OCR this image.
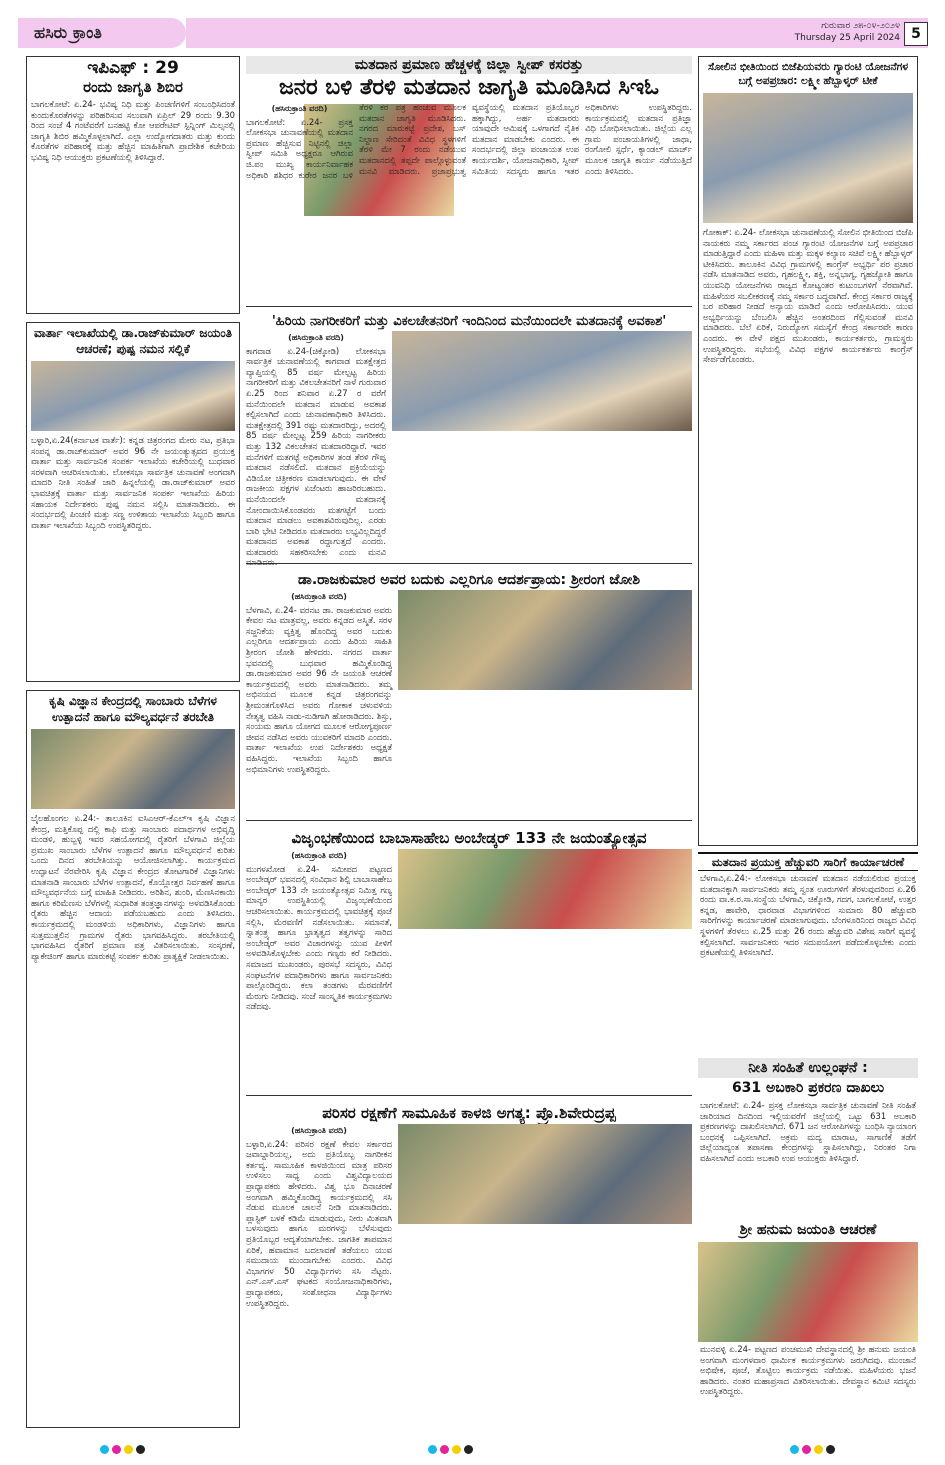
ಹಸಿರು ಕ್ರಾಂತಿ	ಗುರುವಾರ ೨೫-೦೪-೨೦೨೪
Thursday 25 April 2024 5
ಇಪಿಎಫ್ : 29
ರಂದು ಜಾಗೃತಿ ಶಿಬಿರ
ಬಾಗಲಕೋಟೆ: ಏ.24- ಭವಿಷ್ಯ ನಿಧಿ ಮತ್ತು ಪಿಂಚಣಿಗಳಿಗೆ ಸಂಬಂಧಿಸಿದಂತೆ ಕುಂದುಕೊರತೆಗಳನ್ನು ಪರಿಹರಿಸುವ ಸಲುವಾಗಿ ಏಪ್ರಿಲ್ 29 ರಂದು 9.30 ರಿಂದ ಸಂಜೆ 4 ಗಂಟೆವರೆಗೆ ಬನಹಟ್ಟಿ ಕೋ ಆಪರೇಟಿವ್ ಸ್ಪಿನ್ನಿಂಗ್ ಮಿಲ್ಸನಲ್ಲಿ ಜಾಗೃತಿ ಶಿಬಿರ ಹಮ್ಮಿಕೊಳ್ಳಲಾಗಿದೆ. ಎಲ್ಲಾ ಉದ್ಯೋಗದಾತರು ಮತ್ತು ಕುಂದು ಕೊರತೆಗಳ ಪರಿಹಾರಕ್ಕೆ ಮತ್ತು ಹೆಚ್ಚಿನ ಮಾಹಿತಿಗಾಗಿ ಪ್ರಾದೇಶಿಕ ಕಚೇರಿಯ ಭವಿಷ್ಯ ನಿಧಿ ಆಯುಕ್ತರು ಪ್ರಕಟಣೆಯಲ್ಲಿ ತಿಳಿಸಿದ್ದಾರೆ.
ವಾರ್ತಾ ಇಲಾಖೆಯಲ್ಲಿ ಡಾ.ರಾಜ್‍ಕುಮಾರ್ ಜಯಂತಿ ಆಚರಣೆ; ಪುಷ್ಪ ನಮನ ಸಲ್ಲಿಕೆ
ಬಳ್ಳಾರಿ,ಏ.24(ಕರ್ನಾಟಕ ವಾರ್ತೆ): ಕನ್ನಡ ಚಿತ್ರರಂಗದ ಮೇರು ನಟ, ಪ್ರತಿಭಾ ಸಂಪನ್ನ ಡಾ.ರಾಜ್‍ಕುಮಾರ್ ಅವರ 96 ನೇ ಜಯಂತ್ಯುತ್ಸವದ ಪ್ರಯುಕ್ತ ವಾರ್ತಾ ಮತ್ತು ಸಾರ್ವಜನಿಕ ಸಂಪರ್ಕ ಇಲಾಖೆಯ ಕಚೇರಿಯಲ್ಲಿ ಬುಧವಾರ ಸರಳವಾಗಿ ಆಚರಿಸಲಾಯಿತು. ಲೋಕಸಭಾ ಸಾರ್ವತ್ರಿಕ ಚುನಾವಣೆ ಅಂಗವಾಗಿ ಮಾದರಿ ನೀತಿ ಸಂಹಿತೆ ಜಾರಿ ಹಿನ್ನಲೆಯಲ್ಲಿ ಡಾ.ರಾಜ್‍ಕುಮಾರ್ ಅವರ ಭಾವಚಿತ್ರಕ್ಕೆ ವಾರ್ತಾ ಮತ್ತು ಸಾರ್ವಜನಿಕ ಸಂಪರ್ಕ ಇಲಾಖೆಯ ಹಿರಿಯ ಸಹಾಯಕ ನಿರ್ದೇಶಕರು ಪುಷ್ಪ ನಮನ ಸಲ್ಲಿಸಿ ಮಾತನಾಡಿದರು. ಈ ಸಂದರ್ಭದಲ್ಲಿ ಪಿಂಚಣಿ ಮತ್ತು ಸಣ್ಣ ಉಳಿತಾಯ ಇಲಾಖೆಯ ಸಿಬ್ಬಂದಿ ಹಾಗೂ ವಾರ್ತಾ ಇಲಾಖೆಯ ಸಿಬ್ಬಂದಿ ಉಪಸ್ಥಿತರಿದ್ದರು.
ಕೃಷಿ ವಿಜ್ಞಾನ ಕೇಂದ್ರದಲ್ಲಿ ಸಾಂಬಾರು ಬೆಳೆಗಳ ಉತ್ಪಾದನೆ ಹಾಗೂ ಮೌಲ್ಯವರ್ಧನೆ ತರಬೇತಿ
ಬೈಲಹೊಂಗಲ ಏ.24:- ತಾಲೂಕಿನ ಐಸಿಎಆರ್-ಕೆಎಲ್‍ಇ ಕೃಷಿ ವಿಜ್ಞಾನ ಕೇಂದ್ರ, ಮತ್ತಿಕೊಪ್ಪ ದಲ್ಲಿ ಕಾಫಿ ಮತ್ತು ಸಾಂಬಾರು ಪದಾರ್ಥಗಳ ಅಭಿವೃದ್ಧಿ ಮಂಡಳಿ, ಹುಬ್ಬಳ್ಳಿ ಇವರ ಸಹಯೋಗದಲ್ಲಿ ರೈತರಿಗೆ ಬೆಳಗಾವಿ ಜಿಲ್ಲೆಯ ಪ್ರಮುಖ ಸಾಂಬಾರು ಬೆಳೆಗಳ ಉತ್ಪಾದನೆ ಹಾಗೂ ಮೌಲ್ಯವರ್ಧನೆ ಕುರಿತು ಒಂದು ದಿನದ ತರಬೇತಿಯನ್ನು ಆಯೋಜಿಸಲಾಗಿತ್ತು. ಕಾರ್ಯಕ್ರಮದ ಉದ್ಘಾಟನೆ ನೆರವೇರಿಸಿ ಕೃಷಿ ವಿಜ್ಞಾನ ಕೇಂದ್ರದ ತೋಟಗಾರಿಕೆ ವಿಜ್ಞಾನಿಗಳು ಮಾತನಾಡಿ ಸಾಂಬಾರು ಬೆಳೆಗಳ ಉತ್ಪಾದನೆ, ಕೊಯ್ಲೋತ್ತರ ನಿರ್ವಹಣೆ ಹಾಗೂ ಮೌಲ್ಯವರ್ಧನೆಯ ಬಗ್ಗೆ ಮಾಹಿತಿ ನೀಡಿದರು. ಅರಿಶಿನ, ಶುಂಠಿ, ಮೆಣಸಿನಕಾಯಿ ಹಾಗೂ ಕರಿಮೆಣಸು ಬೆಳೆಗಳಲ್ಲಿ ಸುಧಾರಿತ ತಂತ್ರಜ್ಞಾನಗಳನ್ನು ಅಳವಡಿಸಿಕೊಂಡು ರೈತರು ಹೆಚ್ಚಿನ ಆದಾಯ ಪಡೆಯಬಹುದು ಎಂದು ತಿಳಿಸಿದರು. ಕಾರ್ಯಕ್ರಮದಲ್ಲಿ ಮಂಡಳಿಯ ಅಧಿಕಾರಿಗಳು, ವಿಜ್ಞಾನಿಗಳು ಹಾಗೂ ಸುತ್ತಮುತ್ತಲಿನ ಗ್ರಾಮಗಳ ರೈತರು ಭಾಗವಹಿಸಿದ್ದರು. ತರಬೇತಿಯಲ್ಲಿ ಭಾಗವಹಿಸಿದ ರೈತರಿಗೆ ಪ್ರಮಾಣ ಪತ್ರ ವಿತರಿಸಲಾಯಿತು. ಸಂಸ್ಕರಣೆ, ಪ್ಯಾಕೇಜಿಂಗ್ ಹಾಗೂ ಮಾರುಕಟ್ಟೆ ಸಂಪರ್ಕ ಕುರಿತು ಪ್ರಾತ್ಯಕ್ಷಿಕೆ ನೀಡಲಾಯಿತು.
ಮತದಾನ ಪ್ರಮಾಣ ಹೆಚ್ಚಳಕ್ಕೆ ಜಿಲ್ಲಾ ಸ್ವೀಪ್ ಕಸರತ್ತು
ಜನರ ಬಳಿ ತೆರಳಿ ಮತದಾನ ಜಾಗೃತಿ ಮೂಡಿಸಿದ ಸಿಇಓ
(ಹಸಿರುಕ್ರಾಂತಿ ವರದಿ)
ಬಾಗಲಕೋಟೆ: ಏ.24- ಪ್ರಸಕ್ತ ಲೋಕಸಭಾ ಚುನಾವಣೆಯಲ್ಲಿ ಮತದಾನ ಪ್ರಮಾಣ ಹೆಚ್ಚಿಸುವ ನಿಟ್ಟಿನಲ್ಲಿ ಜಿಲ್ಲಾ ಸ್ವೀಪ್ ಸಮಿತಿ ಅಧ್ಯಕ್ಷರೂ ಆಗಿರುವ ಜಿ.ಪಂ ಮುಖ್ಯ ಕಾರ್ಯನಿರ್ವಾಹಕ ಅಧಿಕಾರಿ ಶಶಿಧರ ಕುರೇರ ಜನರ ಬಳಿ ತೆರಳಿ ಕರ ಪತ್ರ ಹಂಚುವ ಮೂಲಕ ಮತದಾನ ಜಾಗೃತಿ ಮೂಡಿಸಿದರು. ನಗರದ ಮಾರುಕಟ್ಟೆ ಪ್ರದೇಶ, ಬಸ್ ನಿಲ್ದಾಣ ಸೇರಿದಂತೆ ವಿವಿಧ ಸ್ಥಳಗಳಿಗೆ ತೆರಳಿ ಮೇ 7 ರಂದು ನಡೆಯುವ ಮತದಾನದಲ್ಲಿ ತಪ್ಪದೇ ಪಾಲ್ಗೊಳ್ಳುವಂತೆ ಮನವಿ ಮಾಡಿದರು. ಪ್ರಜಾಪ್ರಭುತ್ವ ವ್ಯವಸ್ಥೆಯಲ್ಲಿ ಮತದಾನ ಪ್ರತಿಯೊಬ್ಬರ ಹಕ್ಕಾಗಿದ್ದು, ಅರ್ಹ ಮತದಾರರು ಯಾವುದೇ ಆಮಿಷಕ್ಕೆ ಒಳಗಾಗದೆ ನೈತಿಕ ಮತದಾನ ಮಾಡಬೇಕು ಎಂದರು. ಈ ಸಂದರ್ಭದಲ್ಲಿ ಜಿಲ್ಲಾ ಪಂಚಾಯತ ಉಪ ಕಾರ್ಯದರ್ಶಿ, ಯೋಜನಾಧಿಕಾರಿ, ಸ್ವೀಪ್ ಸಮಿತಿಯ ಸದಸ್ಯರು ಹಾಗೂ ಇತರ ಅಧಿಕಾರಿಗಳು ಉಪಸ್ಥಿತರಿದ್ದರು. ಕಾರ್ಯಕ್ರಮದಲ್ಲಿ ಮತದಾನ ಪ್ರತಿಜ್ಞಾ ವಿಧಿ ಬೋಧಿಸಲಾಯಿತು. ಜಿಲ್ಲೆಯ ಎಲ್ಲ ಗ್ರಾಮ ಪಂಚಾಯತಿಗಳಲ್ಲಿ ಜಾಥಾ, ರಂಗೋಲಿ ಸ್ಪರ್ಧೆ, ಕ್ಯಾಂಡಲ್ ಮಾರ್ಚ್ ಮೂಲಕ ಜಾಗೃತಿ ಕಾರ್ಯ ನಡೆಯುತ್ತಿದೆ ಎಂದು ತಿಳಿಸಿದರು.
'ಹಿರಿಯ ನಾಗರೀಕರಿಗೆ ಮತ್ತು ವಿಕಲಚೇತನರಿಗೆ ಇಂದಿನಿಂದ ಮನೆಯಿಂದಲೇ ಮತದಾನಕ್ಕೆ ಅವಕಾಶ'
(ಹಸಿರುಕ್ರಾಂತಿ ವರದಿ)
ಕಾಗವಾಡ ಏ.24-(ಚಿಕ್ಕೋಡಿ) ಲೋಕಸಭಾ ಸಾರ್ವತ್ರಿಕ ಚುನಾವಣೆಯಲ್ಲಿ ಕಾಗವಾಡ ಮತಕ್ಷೇತ್ರದ ವ್ಯಾಪ್ತಿಯಲ್ಲಿ 85 ವರ್ಷ ಮೇಲ್ಪಟ್ಟ ಹಿರಿಯ ನಾಗರೀಕರಿಗೆ ಮತ್ತು ವಿಕಲಚೇತನರಿಗೆ ನಾಳೆ ಗುರುವಾರ ಏ.25 ರಿಂದ ಶನಿವಾರ ಏ.27 ರ ವರೆಗೆ ಮನೆಯಿಂದಲೇ ಮತದಾನ ಮಾಡುವ ಅವಕಾಶ ಕಲ್ಪಿಸಲಾಗಿದೆ ಎಂದು ಚುನಾವಣಾಧಿಕಾರಿ ತಿಳಿಸಿದರು. ಮತಕ್ಷೇತ್ರದಲ್ಲಿ 391 ರಷ್ಟು ಮತದಾರರಿದ್ದು, ಅದರಲ್ಲಿ 85 ವರ್ಷ ಮೇಲ್ಪಟ್ಟ 259 ಹಿರಿಯ ನಾಗರೀಕರು ಮತ್ತು 132 ವಿಕಲಚೇತನ ಮತದಾರರಿದ್ದಾರೆ. ಇವರ ಮನೆಗಳಿಗೆ ಮತಗಟ್ಟೆ ಅಧಿಕಾರಿಗಳ ತಂಡ ತೆರಳಿ ಗೌಪ್ಯ ಮತದಾನ ನಡೆಸಲಿದೆ. ಮತದಾನ ಪ್ರಕ್ರಿಯೆಯನ್ನು ವಿಡಿಯೋ ಚಿತ್ರೀಕರಣ ಮಾಡಲಾಗುವುದು. ಈ ವೇಳೆ ರಾಜಕೀಯ ಪಕ್ಷಗಳ ಏಜೆಂಟರು ಹಾಜರಿರಬಹುದು. ಮನೆಯಿಂದಲೇ ಮತದಾನಕ್ಕೆ ನೋಂದಾಯಿಸಿಕೊಂಡವರು ಮತಗಟ್ಟೆಗೆ ಬಂದು ಮತದಾನ ಮಾಡಲು ಅವಕಾಶವಿರುವುದಿಲ್ಲ. ಎರಡು ಬಾರಿ ಭೇಟಿ ನೀಡಿದರೂ ಮತದಾರರು ಲಭ್ಯವಿಲ್ಲದಿದ್ದರೆ ಮತದಾನದ ಅವಕಾಶ ರದ್ದಾಗುತ್ತದೆ ಎಂದರು. ಮತದಾರರು ಸಹಕರಿಸಬೇಕು ಎಂದು ಮನವಿ ಮಾಡಿದರು.
ಡಾ.ರಾಜಕುಮಾರ ಅವರ ಬದುಕು ಎಲ್ಲರಿಗೂ ಆದರ್ಶಪ್ರಾಯ: ಶ್ರೀರಂಗ ಜೋಶಿ
(ಹಸಿರುಕ್ರಾಂತಿ ವರದಿ)
ಬೆಳಗಾವಿ, ಏ.24- ವರನಟ ಡಾ. ರಾಜಕುಮಾರ ಅವರು ಕೇವಲ ನಟ ಮಾತ್ರವಲ್ಲ, ಅವರು ಕನ್ನಡದ ಅಸ್ಮಿತೆ. ಸರಳ ಸಜ್ಜನಿಕೆಯ ವ್ಯಕ್ತಿತ್ವ ಹೊಂದಿದ್ದ ಅವರ ಬದುಕು ಎಲ್ಲರಿಗೂ ಆದರ್ಶಪ್ರಾಯ ಎಂದು ಹಿರಿಯ ಸಾಹಿತಿ ಶ್ರೀರಂಗ ಜೋಶಿ ಹೇಳಿದರು. ನಗರದ ವಾರ್ತಾ ಭವನದಲ್ಲಿ ಬುಧವಾರ ಹಮ್ಮಿಕೊಂಡಿದ್ದ ಡಾ.ರಾಜಕುಮಾರ ಅವರ 96 ನೇ ಜಯಂತಿ ಆಚರಣೆ ಕಾರ್ಯಕ್ರಮದಲ್ಲಿ ಅವರು ಮಾತನಾಡಿದರು. ತಮ್ಮ ಅಭಿನಯದ ಮೂಲಕ ಕನ್ನಡ ಚಿತ್ರರಂಗವನ್ನು ಶ್ರೀಮಂತಗೊಳಿಸಿದ ಅವರು ಗೋಕಾಕ ಚಳುವಳಿಯ ನೇತೃತ್ವ ವಹಿಸಿ ನಾಡು-ನುಡಿಗಾಗಿ ಹೋರಾಡಿದರು. ಶಿಸ್ತು, ಸಂಯಮ ಹಾಗೂ ಯೋಗದ ಮೂಲಕ ಆರೋಗ್ಯಪೂರ್ಣ ಜೀವನ ನಡೆಸಿದ ಅವರು ಯುವಕರಿಗೆ ಮಾದರಿ ಎಂದರು. ವಾರ್ತಾ ಇಲಾಖೆಯ ಉಪ ನಿರ್ದೇಶಕರು ಅಧ್ಯಕ್ಷತೆ ವಹಿಸಿದ್ದರು. ಇಲಾಖೆಯ ಸಿಬ್ಬಂದಿ ಹಾಗೂ ಅಭಿಮಾನಿಗಳು ಉಪಸ್ಥಿತರಿದ್ದರು.
ವಿಜೃಂಭಣೆಯಿಂದ ಬಾಬಾಸಾಹೇಬ ಅಂಬೇಡ್ಕರ್ 133 ನೇ ಜಯಂತ್ಯೋತ್ಸವ
(ಹಸಿರುಕ್ರಾಂತಿ ವರದಿ)
ಮುಗಳಖೋಡ ಏ.24- ಸಮೀಪದ ಪಟ್ಟಣದ ಅಂಬೇಡ್ಕರ್ ಭವನದಲ್ಲಿ ಸಂವಿಧಾನ ಶಿಲ್ಪಿ ಬಾಬಾಸಾಹೇಬ ಅಂಬೇಡ್ಕರ್ 133 ನೇ ಜಯಂತ್ಯೋತ್ಸವ ನಿಮಿತ್ತ ಗಣ್ಯ ಮಾನ್ಯರ ಉಪಸ್ಥಿತಿಯಲ್ಲಿ ವಿಜೃಂಭಣೆಯಿಂದ ಆಚರಿಸಲಾಯಿತು. ಕಾರ್ಯಕ್ರಮದಲ್ಲಿ ಭಾವಚಿತ್ರಕ್ಕೆ ಪೂಜೆ ಸಲ್ಲಿಸಿ, ಮೆರವಣಿಗೆ ನಡೆಸಲಾಯಿತು. ಸಮಾನತೆ, ಸ್ವಾತಂತ್ರ್ಯ ಹಾಗೂ ಭ್ರಾತೃತ್ವದ ತತ್ವಗಳನ್ನು ಸಾರಿದ ಅಂಬೇಡ್ಕರ್ ಅವರ ವಿಚಾರಗಳನ್ನು ಯುವ ಪೀಳಿಗೆ ಅಳವಡಿಸಿಕೊಳ್ಳಬೇಕು ಎಂದು ಗಣ್ಯರು ಕರೆ ನೀಡಿದರು. ಸಮಾಜದ ಮುಖಂಡರು, ಪುರಸಭೆ ಸದಸ್ಯರು, ವಿವಿಧ ಸಂಘಟನೆಗಳ ಪದಾಧಿಕಾರಿಗಳು ಹಾಗೂ ಸಾರ್ವಜನಿಕರು ಪಾಲ್ಗೊಂಡಿದ್ದರು. ಕಲಾ ತಂಡಗಳು ಮೆರವಣಿಗೆಗೆ ಮೆರುಗು ನೀಡಿದವು. ಸಂಜೆ ಸಾಂಸ್ಕೃತಿಕ ಕಾರ್ಯಕ್ರಮಗಳು ನಡೆದವು.
ಪರಿಸರ ರಕ್ಷಣೆಗೆ ಸಾಮೂಹಿಕ ಕಾಳಜಿ ಅಗತ್ಯ: ಪ್ರೊ.ಶಿವೇರುದ್ರಪ್ಪ
(ಹಸಿರುಕ್ರಾಂತಿ ವರದಿ)
ಬಳ್ಳಾರಿ,ಏ.24: ಪರಿಸರ ರಕ್ಷಣೆ ಕೇವಲ ಸರ್ಕಾರದ ಜವಾಬ್ದಾರಿಯಲ್ಲ, ಅದು ಪ್ರತಿಯೊಬ್ಬ ನಾಗರೀಕನ ಕರ್ತವ್ಯ. ಸಾಮೂಹಿಕ ಕಾಳಜಿಯಿಂದ ಮಾತ್ರ ಪರಿಸರ ಉಳಿಸಲು ಸಾಧ್ಯ ಎಂದು ವಿಶ್ವವಿದ್ಯಾಲಯದ ಪ್ರಾಧ್ಯಾಪಕರು ಹೇಳಿದರು. ವಿಶ್ವ ಭೂ ದಿನಾಚರಣೆ ಅಂಗವಾಗಿ ಹಮ್ಮಿಕೊಂಡಿದ್ದ ಕಾರ್ಯಕ್ರಮದಲ್ಲಿ ಸಸಿ ನೆಡುವ ಮೂಲಕ ಚಾಲನೆ ನೀಡಿ ಮಾತನಾಡಿದರು. ಪ್ಲಾಸ್ಟಿಕ್ ಬಳಕೆ ಕಡಿಮೆ ಮಾಡುವುದು, ನೀರು ಮಿತವಾಗಿ ಬಳಸುವುದು ಹಾಗೂ ಮರಗಳನ್ನು ಬೆಳೆಸುವುದು ಪ್ರತಿಯೊಬ್ಬರ ಆದ್ಯತೆಯಾಗಬೇಕು. ಜಾಗತಿಕ ತಾಪಮಾನ ಏರಿಕೆ, ಹವಾಮಾನ ಬದಲಾವಣೆ ತಡೆಯಲು ಯುವ ಸಮುದಾಯ ಮುಂದಾಗಬೇಕು ಎಂದರು. ವಿವಿಧ ವಿಭಾಗಗಳ 50 ವಿದ್ಯಾರ್ಥಿಗಳು ಸಸಿ ನೆಟ್ಟರು. ಎನ್.ಎಸ್.ಎಸ್ ಘಟಕದ ಸಂಯೋಜನಾಧಿಕಾರಿಗಳು, ಪ್ರಾಧ್ಯಾಪಕರು, ಸಂಶೋಧನಾ ವಿದ್ಯಾರ್ಥಿಗಳು ಉಪಸ್ಥಿತರಿದ್ದರು.
ಸೋಲಿನ ಭೀತಿಯಿಂದ ಬಿಜೆಪಿಯವರು ಗ್ಯಾರಂಟಿ ಯೋಜನೆಗಳ ಬಗ್ಗೆ ಅಪಪ್ರಚಾರ: ಲಕ್ಷ್ಮೀ ಹೆಬ್ಬಾಳ್ಕರ್ ಟೀಕೆ
ಗೋಕಾಕ್: ಏ.24- ಲೋಕಸಭಾ ಚುನಾವಣೆಯಲ್ಲಿ ಸೋಲಿನ ಭೀತಿಯಿಂದ ಬಿಜೆಪಿ ನಾಯಕರು ನಮ್ಮ ಸರ್ಕಾರದ ಪಂಚ ಗ್ಯಾರಂಟಿ ಯೋಜನೆಗಳ ಬಗ್ಗೆ ಅಪಪ್ರಚಾರ ಮಾಡುತ್ತಿದ್ದಾರೆ ಎಂದು ಮಹಿಳಾ ಮತ್ತು ಮಕ್ಕಳ ಕಲ್ಯಾಣ ಸಚಿವೆ ಲಕ್ಷ್ಮೀ ಹೆಬ್ಬಾಳ್ಕರ್ ಟೀಕಿಸಿದರು. ತಾಲೂಕಿನ ವಿವಿಧ ಗ್ರಾಮಗಳಲ್ಲಿ ಕಾಂಗ್ರೆಸ್ ಅಭ್ಯರ್ಥಿ ಪರ ಪ್ರಚಾರ ನಡೆಸಿ ಮಾತನಾಡಿದ ಅವರು, ಗೃಹಲಕ್ಷ್ಮೀ, ಶಕ್ತಿ, ಅನ್ನಭಾಗ್ಯ, ಗೃಹಜ್ಯೋತಿ ಹಾಗೂ ಯುವನಿಧಿ ಯೋಜನೆಗಳು ರಾಜ್ಯದ ಕೋಟ್ಯಂತರ ಕುಟುಂಬಗಳಿಗೆ ನೆರವಾಗಿವೆ. ಮಹಿಳೆಯರ ಸಬಲೀಕರಣಕ್ಕೆ ನಮ್ಮ ಸರ್ಕಾರ ಬದ್ಧವಾಗಿದೆ. ಕೇಂದ್ರ ಸರ್ಕಾರ ರಾಜ್ಯಕ್ಕೆ ಬರ ಪರಿಹಾರ ನೀಡದೆ ಅನ್ಯಾಯ ಮಾಡಿದೆ ಎಂದು ಆರೋಪಿಸಿದರು. ಯುವ ಅಭ್ಯರ್ಥಿಯನ್ನು ಬೆಂಬಲಿಸಿ ಹೆಚ್ಚಿನ ಅಂತರದಿಂದ ಗೆಲ್ಲಿಸುವಂತೆ ಮನವಿ ಮಾಡಿದರು. ಬೆಲೆ ಏರಿಕೆ, ನಿರುದ್ಯೋಗ ಸಮಸ್ಯೆಗೆ ಕೇಂದ್ರ ಸರ್ಕಾರವೇ ಕಾರಣ ಎಂದರು. ಈ ವೇಳೆ ಪಕ್ಷದ ಮುಖಂಡರು, ಕಾರ್ಯಕರ್ತರು, ಗ್ರಾಮಸ್ಥರು ಉಪಸ್ಥಿತರಿದ್ದರು. ಸಭೆಯಲ್ಲಿ ವಿವಿಧ ಪಕ್ಷಗಳ ಕಾರ್ಯಕರ್ತರು ಕಾಂಗ್ರೆಸ್ ಸೇರ್ಪಡೆಗೊಂಡರು.
ಮತದಾನ ಪ್ರಯುಕ್ತ ಹೆಚ್ಚುವರಿ ಸಾರಿಗೆ ಕಾರ್ಯಾಚರಣೆ
ಬೆಳಗಾವಿ,ಏ.24:- ಲೋಕಸಭಾ ಚುನಾವಣೆ ಮತದಾನ ನಡೆಯಲಿರುವ ಪ್ರಯುಕ್ತ ಮತದಾನಕ್ಕಾಗಿ ಸಾರ್ವಜನಿಕರು ತಮ್ಮ ಸ್ವಂತ ಊರುಗಳಿಗೆ ತೆರಳುವುದರಿಂದ ಏ.26 ರಂದು ವಾ.ಕ.ರ.ಸಾ.ಸಂಸ್ಥೆಯ ಬೆಳಗಾವಿ, ಚಿಕ್ಕೋಡಿ, ಗದಗ, ಬಾಗಲಕೋಟೆ, ಉತ್ತರ ಕನ್ನಡ, ಹಾವೇರಿ, ಧಾರವಾಡ ವಿಭಾಗಗಳಿಂದ ಸುಮಾರು 80 ಹೆಚ್ಚುವರಿ ಸಾರಿಗೆಗಳನ್ನು ಕಾರ್ಯಾಚರಣೆ ಮಾಡಲಾಗುವುದು. ಬೆಂಗಳೂರಿನಿಂದ ರಾಜ್ಯದ ವಿವಿಧ ಸ್ಥಳಗಳಿಗೆ ತೆರಳಲು ಏ.25 ಮತ್ತು 26 ರಂದು ಹೆಚ್ಚುವರಿ ವಿಶೇಷ ಸಾರಿಗೆ ವ್ಯವಸ್ಥೆ ಕಲ್ಪಿಸಲಾಗಿದೆ. ಸಾರ್ವಜನಿಕರು ಇದರ ಸದುಪಯೋಗ ಪಡೆದುಕೊಳ್ಳಬೇಕು ಎಂದು ಪ್ರಕಟಣೆಯಲ್ಲಿ ತಿಳಿಸಲಾಗಿದೆ.
ನೀತಿ ಸಂಹಿತೆ ಉಲ್ಲಂಘನೆ :
631 ಅಬಕಾರಿ ಪ್ರಕರಣ ದಾಖಲು
ಬಾಗಲಕೋಟೆ: ಏ.24- ಪ್ರಸಕ್ತ ಲೋಕಸಭಾ ಸಾರ್ವತ್ರಿಕ ಚುನಾವಣೆ ನೀತಿ ಸಂಹಿತೆ ಜಾರಿಯಾದ ದಿನದಿಂದ ಇಲ್ಲಿಯವರೆಗೆ ಜಿಲ್ಲೆಯಲ್ಲಿ ಒಟ್ಟು 631 ಅಬಕಾರಿ ಪ್ರಕರಣಗಳನ್ನು ದಾಖಲಿಸಲಾಗಿದೆ. 671 ಜನ ಆರೋಪಿಗಳನ್ನು ಬಂಧಿಸಿ ನ್ಯಾಯಾಂಗ ಬಂಧನಕ್ಕೆ ಒಪ್ಪಿಸಲಾಗಿದೆ. ಅಕ್ರಮ ಮದ್ಯ ಮಾರಾಟ, ಸಾಗಾಣಿಕೆ ತಡೆಗೆ ಜಿಲ್ಲೆಯಾದ್ಯಂತ ತಪಾಸಣಾ ಕೇಂದ್ರಗಳನ್ನು ಸ್ಥಾಪಿಸಲಾಗಿದ್ದು, ನಿರಂತರ ನಿಗಾ ವಹಿಸಲಾಗಿದೆ ಎಂದು ಅಬಕಾರಿ ಉಪ ಆಯುಕ್ತರು ತಿಳಿಸಿದ್ದಾರೆ.
ಶ್ರೀ ಹನುಮ ಜಯಂತಿ ಆಚರಣೆ
ಮುನವಳ್ಳಿ ಏ.24- ಪಟ್ಟಣದ ಪಂಚಮುಖಿ ದೇವಸ್ಥಾನದಲ್ಲಿ ಶ್ರೀ ಹನುಮ ಜಯಂತಿ ಅಂಗವಾಗಿ ಮಂಗಳವಾರ ಧಾರ್ಮಿಕ ಕಾರ್ಯಕ್ರಮಗಳು ಜರುಗಿದವು. ಮುಂಜಾನೆ ಅಭಿಷೇಕ, ಪೂಜೆ, ತೊಟ್ಟಿಲು ಕಾರ್ಯಕ್ರಮ ನಡೆಯಿತು. ಮಹಿಳೆಯರು ಭಜನೆ ಹಾಡಿದರು. ನಂತರ ಮಹಾಪ್ರಸಾದ ವಿತರಿಸಲಾಯಿತು. ದೇವಸ್ಥಾನ ಕಮಿಟಿ ಸದಸ್ಯರು ಉಪಸ್ಥಿತರಿದ್ದರು.
